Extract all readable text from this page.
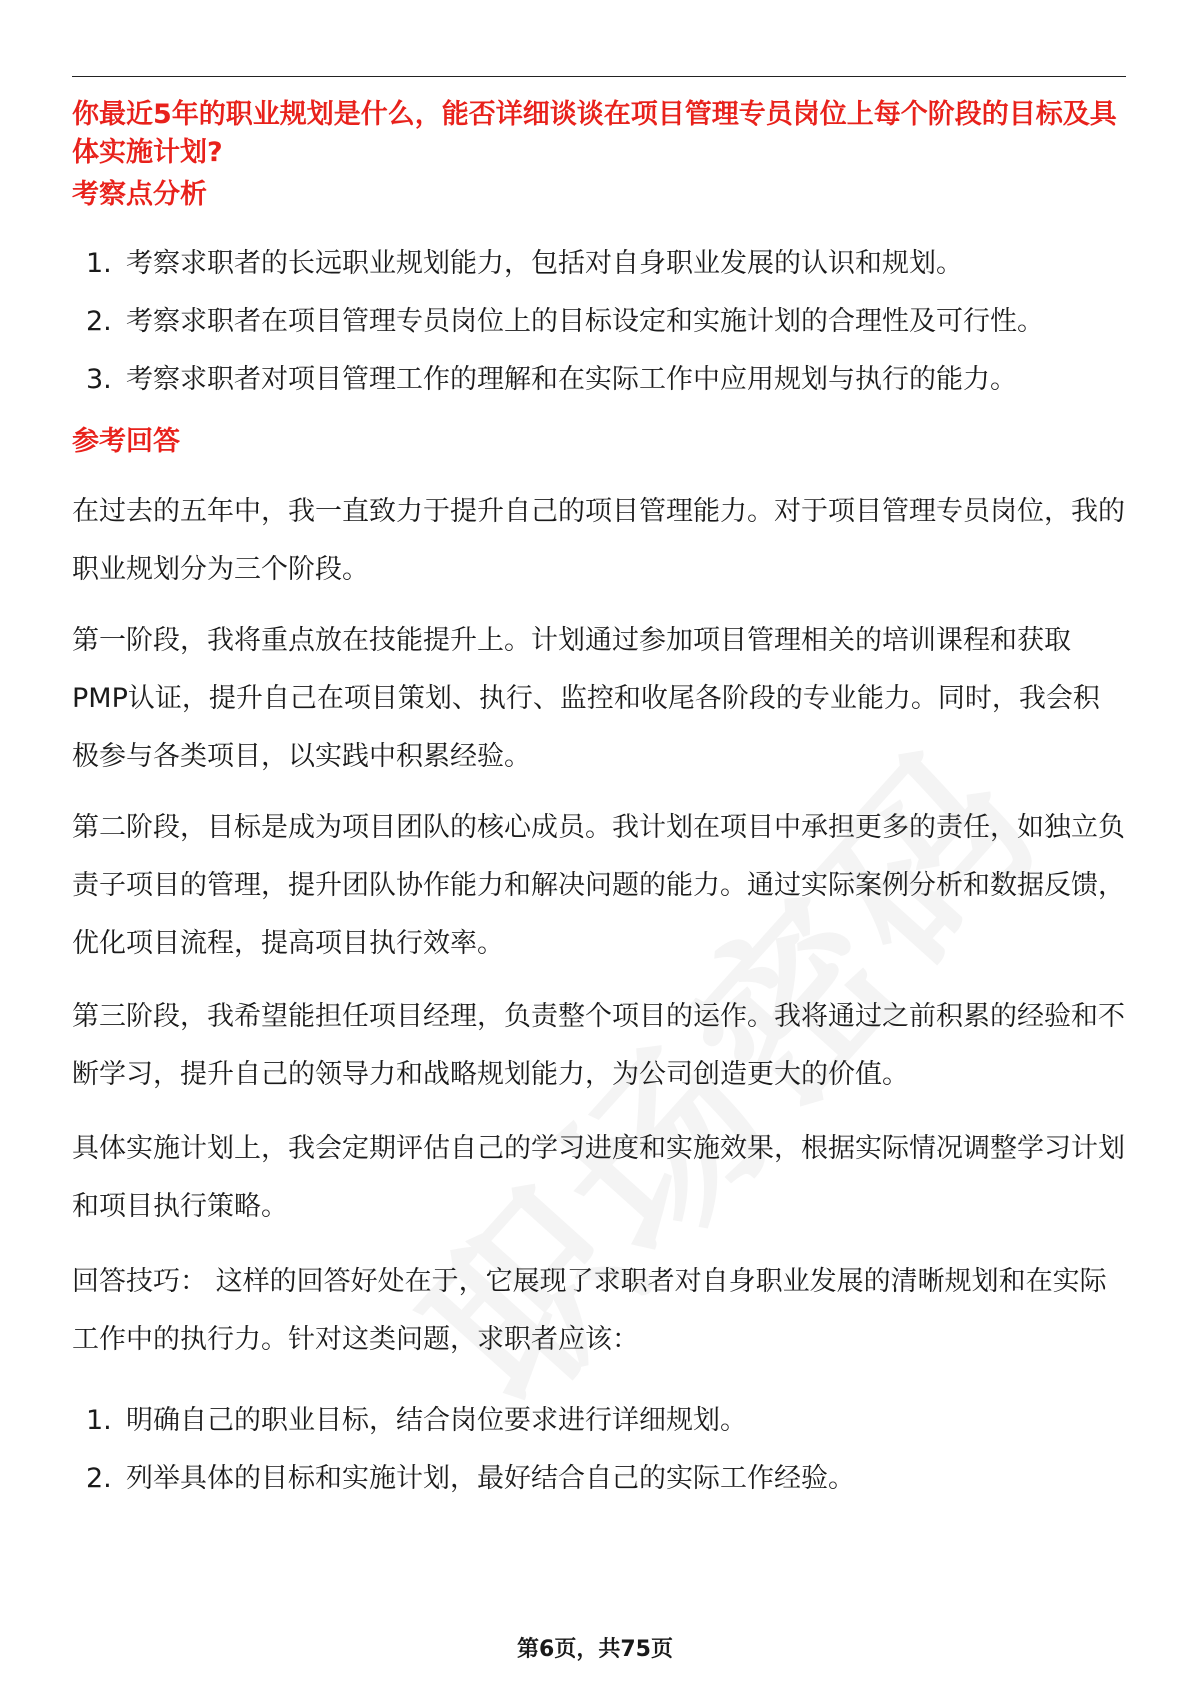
你最近5年的职业规划是什么，能否详细谈谈在项目管理专员岗位上每个阶段的目标及具体实施计划?
考察点分析
1. 考察求职者的长远职业规划能力，包括对自身职业发展的认识和规划。
2. 考察求职者在项目管理专员岗位上的目标设定和实施计划的合理性及可行性。
3. 考察求职者对项目管理工作的理解和在实际工作中应用规划与执行的能力。
参考回答

在过去的五年中，我一直致力于提升自己的项目管理能力。对于项目管理专员岗位，我的职业规划分为三个阶段。

第一阶段，我将重点放在技能提升上。计划通过参加项目管理相关的培训课程和获取PMP认证，提升自己在项目策划、执行、监控和收尾各阶段的专业能力。同时，我会积极参与各类项目，以实践中积累经验。

第二阶段，目标是成为项目团队的核心成员。我计划在项目中承担更多的责任，如独立负责子项目的管理，提升团队协作能力和解决问题的能力。通过实际案例分析和数据反馈，优化项目流程，提高项目执行效率。

第三阶段，我希望能担任项目经理，负责整个项目的运作。我将通过之前积累的经验和不断学习，提升自己的领导力和战略规划能力，为公司创造更大的价值。

具体实施计划上，我会定期评估自己的学习进度和实施效果，根据实际情况调整学习计划和项目执行策略。

回答技巧： 这样的回答好处在于，它展现了求职者对自身职业发展的清晰规划和在实际工作中的执行力。针对这类问题，求职者应该：

1. 明确自己的职业目标，结合岗位要求进行详细规划。
2. 列举具体的目标和实施计划，最好结合自己的实际工作经验。
第6页，共75页
